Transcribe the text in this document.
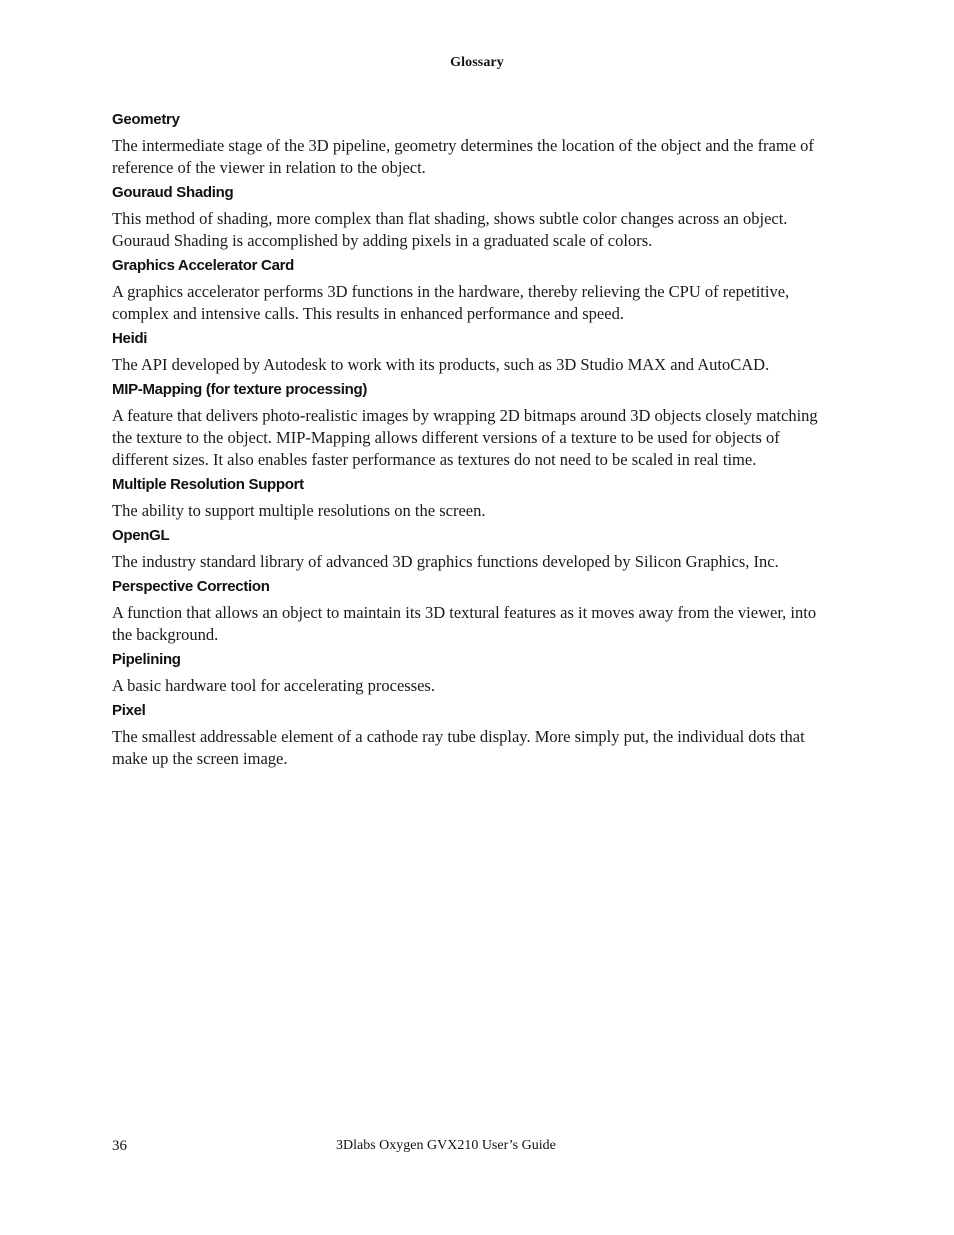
Glossary
Geometry
The intermediate stage of the 3D pipeline, geometry determines the location of the object and the frame of reference of the viewer in relation to the object.
Gouraud Shading
This method of shading, more complex than flat shading, shows subtle color changes across an object. Gouraud Shading is accomplished by adding pixels in a graduated scale of colors.
Graphics Accelerator Card
A graphics accelerator performs 3D functions in the hardware, thereby relieving the CPU of repetitive, complex and intensive calls. This results in enhanced performance and speed.
Heidi
The API developed by Autodesk to work with its products, such as 3D Studio MAX and AutoCAD.
MIP-Mapping (for texture processing)
A feature that delivers photo-realistic images by wrapping 2D bitmaps around 3D objects closely matching the texture to the object. MIP-Mapping allows different versions of a texture to be used for objects of different sizes. It also enables faster performance as textures do not need to be scaled in real time.
Multiple Resolution Support
The ability to support multiple resolutions on the screen.
OpenGL
The industry standard library of advanced 3D graphics functions developed by Silicon Graphics, Inc.
Perspective Correction
A function that allows an object to maintain its 3D textural features as it moves away from the viewer, into the background.
Pipelining
A basic hardware tool for accelerating processes.
Pixel
The smallest addressable element of a cathode ray tube display. More simply put, the individual dots that make up the screen image.
36	3Dlabs Oxygen GVX210 User’s Guide
